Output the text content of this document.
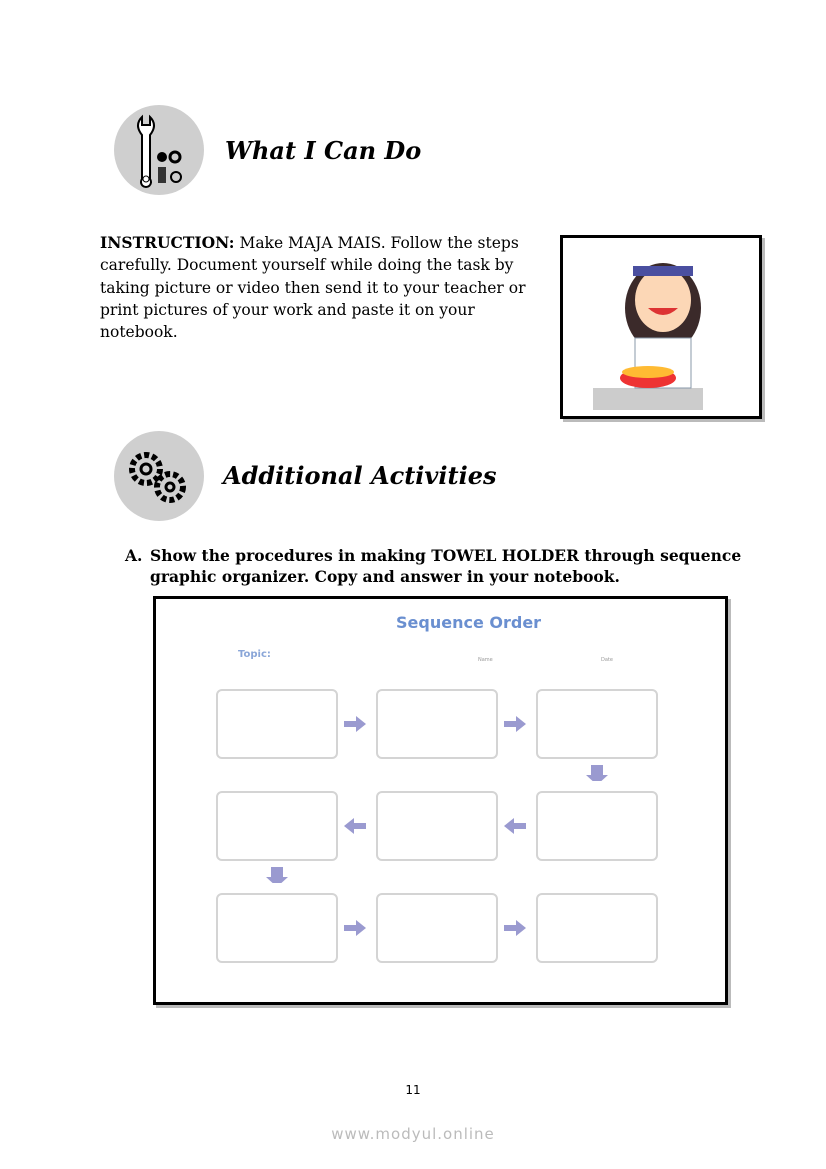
What I Can Do
INSTRUCTION: Make MAJA MAIS. Follow the steps carefully. Document yourself while doing the task by taking picture or video then send it to your teacher or print pictures of your work and paste it on your notebook.
Additional Activities
A. Show the procedures in making TOWEL HOLDER through sequence graphic organizer. Copy and answer in your notebook.
Sequence Order
Topic:	Name	Date
11
www.modyul.online
